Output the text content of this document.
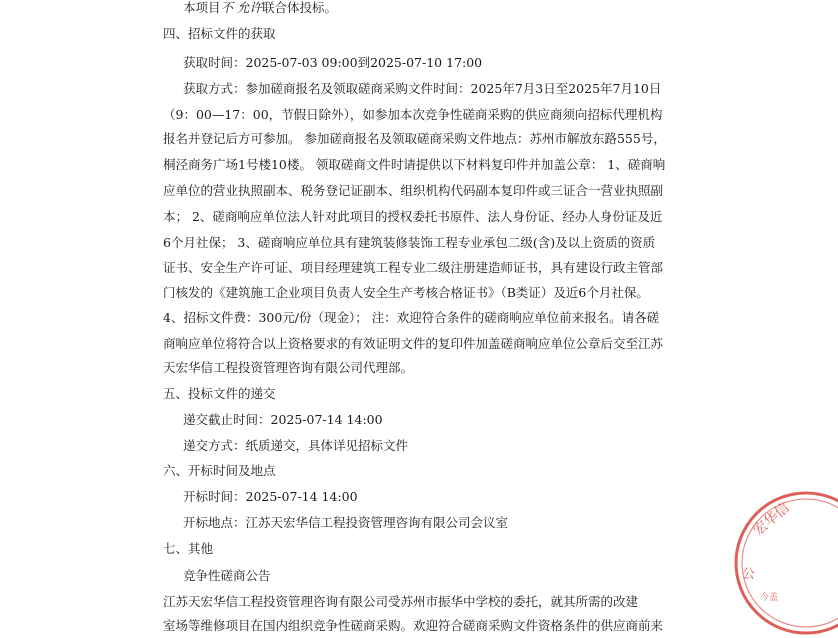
本项目不 允许联合体投标。
四、招标文件的获取
获取时间：2025-07-03 09:00到2025-07-10 17:00
获取方式：参加磋商报名及领取磋商采购文件时间：2025年7月3日至2025年7月10日
（9：00—17：00，节假日除外），如参加本次竞争性磋商采购的供应商须向招标代理机构
报名并登记后方可参加。 参加磋商报名及领取磋商采购文件地点：苏州市解放东路555号，
桐泾商务广场1号楼10楼。 领取磋商文件时请提供以下材料复印件并加盖公章： 1、磋商响
应单位的营业执照副本、税务登记证副本、组织机构代码副本复印件或三证合一营业执照副
本； 2、磋商响应单位法人针对此项目的授权委托书原件、法人身份证、经办人身份证及近
6个月社保； 3、磋商响应单位具有建筑装修装饰工程专业承包二级(含)及以上资质的资质
证书、安全生产许可证、项目经理建筑工程专业二级注册建造师证书，具有建设行政主管部
门核发的《建筑施工企业项目负责人安全生产考核合格证书》（B类证）及近6个月社保。
4、招标文件费：300元/份（现金）； 注：欢迎符合条件的磋商响应单位前来报名。请各磋
商响应单位将符合以上资格要求的有效证明文件的复印件加盖磋商响应单位公章后交至江苏
天宏华信工程投资管理咨询有限公司代理部。
五、投标文件的递交
递交截止时间：2025-07-14 14:00
递交方式：纸质递交，具体详见招标文件
六、开标时间及地点
开标时间：2025-07-14 14:00
开标地点：江苏天宏华信工程投资管理咨询有限公司会议室
七、其他
竞争性磋商公告
江苏天宏华信工程投资管理咨询有限公司受苏州市振华中学校的委托，就其所需的改建
室场等维修项目在国内组织竞争性磋商采购。欢迎符合磋商采购文件资格条件的供应商前来
宏华信
公
今盖
